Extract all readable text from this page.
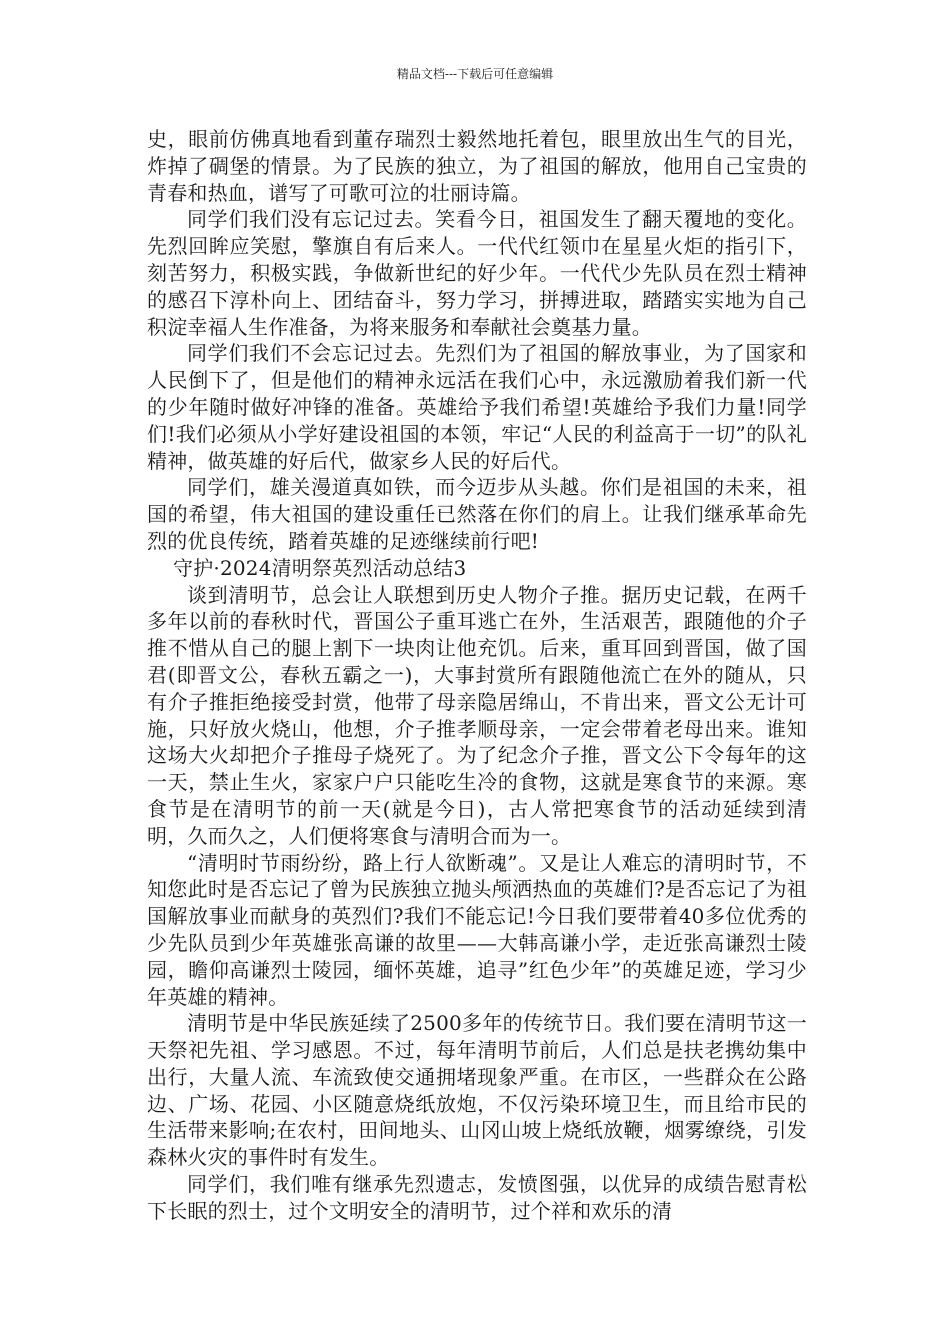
精品文档---下载后可任意编辑

史，眼前仿佛真地看到董存瑞烈士毅然地托着包，眼里放出生气的目光，炸掉了碉堡的情景。为了民族的独立，为了祖国的解放，他用自己宝贵的青春和热血，谱写了可歌可泣的壮丽诗篇。

同学们我们没有忘记过去。笑看今日，祖国发生了翻天覆地的变化。先烈回眸应笑慰，擎旗自有后来人。一代代红领巾在星星火炬的指引下，刻苦努力，积极实践，争做新世纪的好少年。一代代少先队员在烈士精神的感召下淳朴向上、团结奋斗，努力学习，拼搏进取，踏踏实实地为自己积淀幸福人生作准备，为将来服务和奉献社会奠基力量。

同学们我们不会忘记过去。先烈们为了祖国的解放事业，为了国家和人民倒下了，但是他们的精神永远活在我们心中，永远激励着我们新一代的少年随时做好冲锋的准备。英雄给予我们希望!英雄给予我们力量!同学们!我们必须从小学好建设祖国的本领，牢记“人民的利益高于一切”的队礼精神，做英雄的好后代，做家乡人民的好后代。

同学们，雄关漫道真如铁，而今迈步从头越。你们是祖国的未来，祖国的希望，伟大祖国的建设重任已然落在你们的肩上。让我们继承革命先烈的优良传统，踏着英雄的足迹继续前行吧!

守护·2024清明祭英烈活动总结3

谈到清明节，总会让人联想到历史人物介子推。据历史记载，在两千多年以前的春秋时代，晋国公子重耳逃亡在外，生活艰苦，跟随他的介子推不惜从自己的腿上割下一块肉让他充饥。后来，重耳回到晋国，做了国君(即晋文公，春秋五霸之一)，大事封赏所有跟随他流亡在外的随从，只有介子推拒绝接受封赏，他带了母亲隐居绵山，不肯出来，晋文公无计可施，只好放火烧山，他想，介子推孝顺母亲，一定会带着老母出来。谁知这场大火却把介子推母子烧死了。为了纪念介子推，晋文公下令每年的这一天，禁止生火，家家户户只能吃生冷的食物，这就是寒食节的来源。寒食节是在清明节的前一天(就是今日)，古人常把寒食节的活动延续到清明，久而久之，人们便将寒食与清明合而为一。

“清明时节雨纷纷，路上行人欲断魂”。又是让人难忘的清明时节，不知您此时是否忘记了曾为民族独立抛头颅洒热血的英雄们?是否忘记了为祖国解放事业而献身的英烈们?我们不能忘记!今日我们要带着40多位优秀的少先队员到少年英雄张高谦的故里——大韩高谦小学，走近张高谦烈士陵园，瞻仰高谦烈士陵园，缅怀英雄，追寻”红色少年”的英雄足迹，学习少年英雄的精神。

清明节是中华民族延续了2500多年的传统节日。我们要在清明节这一天祭祀先祖、学习感恩。不过，每年清明节前后，人们总是扶老携幼集中出行，大量人流、车流致使交通拥堵现象严重。在市区，一些群众在公路边、广场、花园、小区随意烧纸放炮，不仅污染环境卫生，而且给市民的生活带来影响;在农村，田间地头、山冈山坡上烧纸放鞭，烟雾缭绕，引发森林火灾的事件时有发生。

同学们，我们唯有继承先烈遗志，发愤图强，以优异的成绩告慰青松下长眠的烈士，过个文明安全的清明节，过个祥和欢乐的清
